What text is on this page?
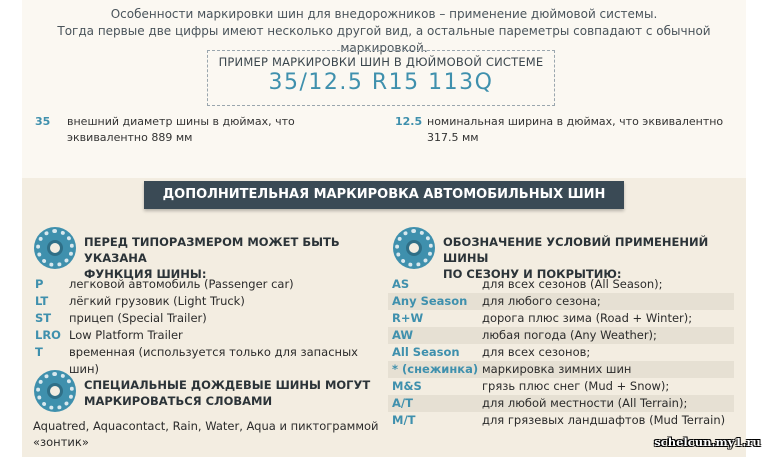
Особенности маркировки шин для внедорожников – применение дюймовой системы.
Тогда первые две цифры имеют несколько другой вид, а остальные пареметры совпадают с обычной маркировкой.
ПРИМЕР МАРКИРОВКИ ШИН В ДЮЙМОВОЙ СИСТЕМЕ
35/12.5 R15 113Q
35 внешний диаметр шины в дюймах, что
эквивалентно 889 мм
12.5 номинальная ширина в дюймах, что эквивалентно
317.5 мм
ДОПОЛНИТЕЛЬНАЯ МАРКИРОВКА АВТОМОБИЛЬНЫХ ШИН
ПЕРЕД ТИПОРАЗМЕРОМ МОЖЕТ БЫТЬ УКАЗАНА
ФУНКЦИЯ ШИНЫ:
P легковой автомобиль (Passenger car)
LT лёгкий грузовик (Light Truck)
ST прицеп (Special Trailer)
LRO Low Platform Trailer
T временная (используется только для запасных шин)
СПЕЦИАЛЬНЫЕ ДОЖДЕВЫЕ ШИНЫ МОГУТ
МАРКИРОВАТЬСЯ СЛОВАМИ
Aquatred, Aquacontact, Rain, Water, Aqua и пиктограммой
«зонтик»
ОБОЗНАЧЕНИЕ УСЛОВИЙ ПРИМЕНЕНИЙ ШИНЫ
ПО СЕЗОНУ И ПОКРЫТИЮ:
AS	для всех сезонов (All Season);
Any Season для любого сезона;
R+W	дорога плюс зима (Road + Winter);
AW	любая погода (Any Weather);
All Season для всех сезонов;
* (снежинка) маркировка зимних шин
M&S	грязь плюс снег (Mud + Snow);
A/T	для любой местности (All Terrain);
M/T	для грязевых ландшафтов (Mud Terrain)
schelcun.my1.ru
